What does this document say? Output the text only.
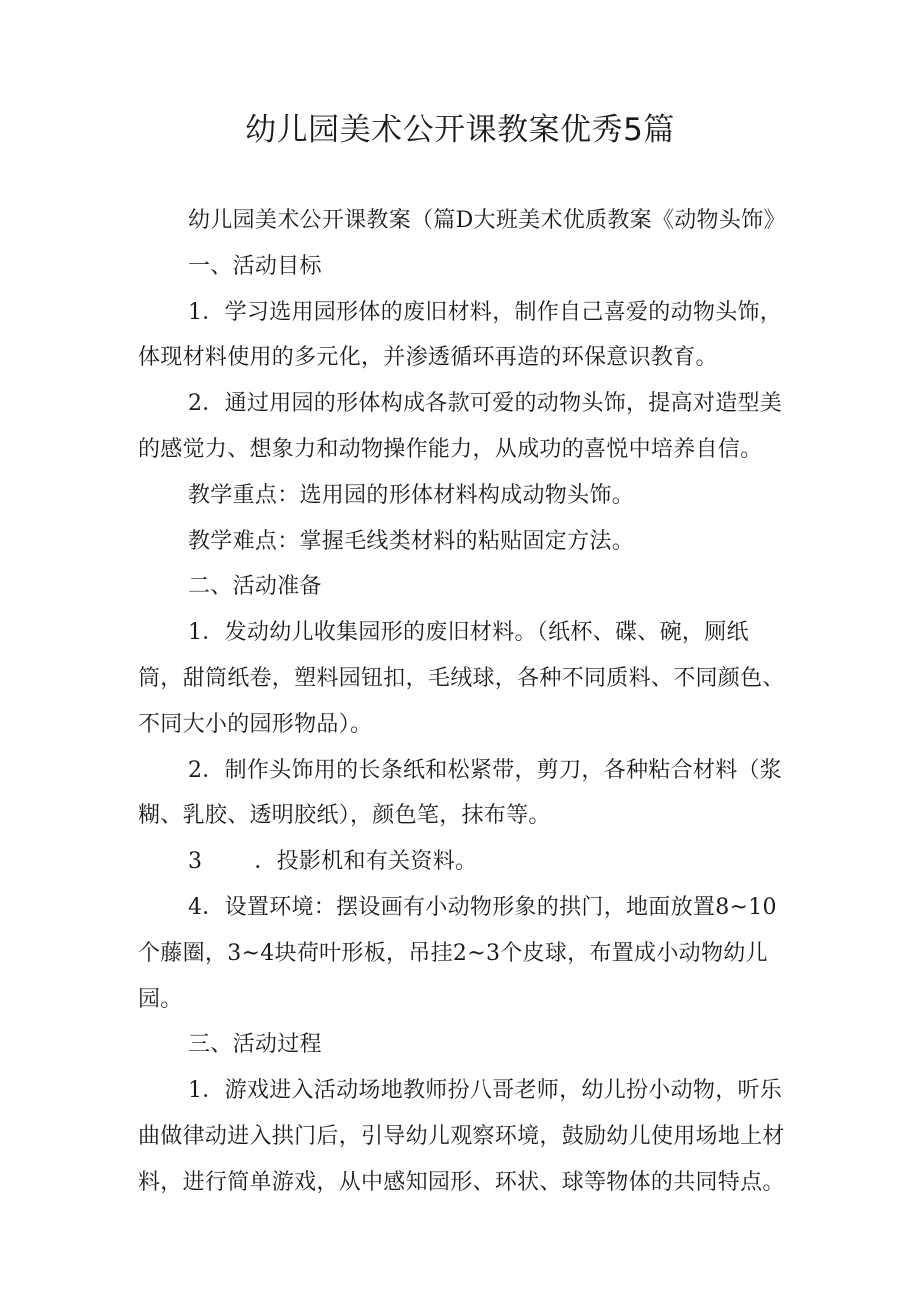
幼儿园美术公开课教案优秀5篇

幼儿园美术公开课教案（篇D大班美术优质教案《动物头饰》

一、活动目标

1．学习选用园形体的废旧材料，制作自己喜爱的动物头饰，体现材料使用的多元化，并渗透循环再造的环保意识教育。

2．通过用园的形体构成各款可爱的动物头饰，提高对造型美的感觉力、想象力和动物操作能力，从成功的喜悦中培养自信。

教学重点：选用园的形体材料构成动物头饰。

教学难点：掌握毛线类材料的粘贴固定方法。

二、活动准备

1．发动幼儿收集园形的废旧材料。（纸杯、碟、碗，厕纸筒，甜筒纸卷，塑料园钮扣，毛绒球，各种不同质料、不同颜色、不同大小的园形物品）。

2．制作头饰用的长条纸和松紧带，剪刀，各种粘合材料（浆糊、乳胶、透明胶纸），颜色笔，抹布等。

3 ．投影机和有关资料。

4．设置环境：摆设画有小动物形象的拱门，地面放置8~10个藤圈，3~4块荷叶形板，吊挂2~3个皮球，布置成小动物幼儿园。

三、活动过程

1．游戏进入活动场地教师扮八哥老师，幼儿扮小动物，听乐曲做律动进入拱门后，引导幼儿观察环境，鼓励幼儿使用场地上材料，进行简单游戏，从中感知园形、环状、球等物体的共同特点。
